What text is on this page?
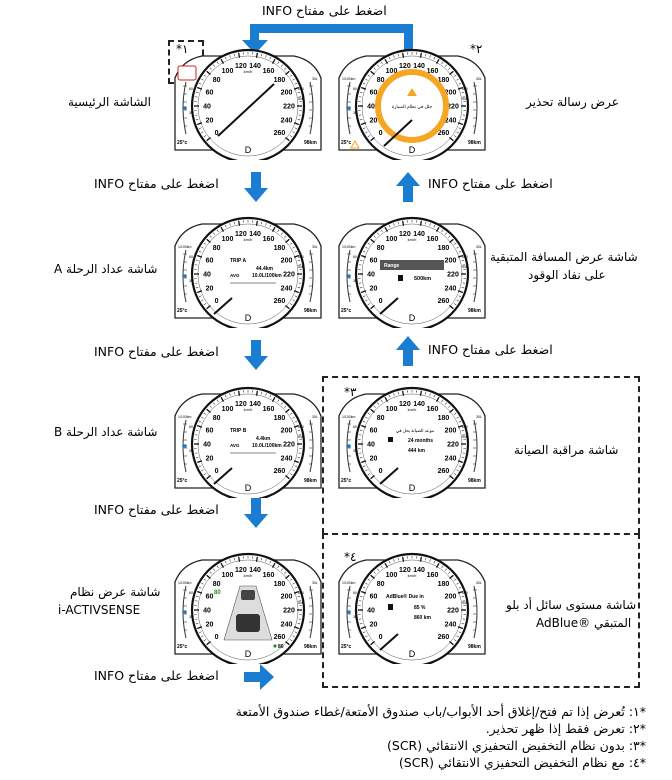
اضغط على مفتاح INFO
اضغط على مفتاح INFO
اضغط على مفتاح INFO
اضغط على مفتاح INFO
اضغط على مفتاح INFO
اضغط على مفتاح INFO
اضغط على مفتاح INFO
*١	*٢
*٣
*٤
الشاشة الرئيسية	عرض رسالة تحذير
شاشة عداد الرحلة A
شاشة عرض المسافة المتبقية
على نفاد الوقود
شاشة عداد الرحلة B
شاشة مراقبة الصيانة
شاشة عرض نظام
i-ACTIVSENSE	شاشة مستوى سائل أد بلو
AdBlue® المتبقي
0
20
40
60
80
100
120 140
160
180
200
220
240
260
km/h
D
60
30
30L
600
500
25°c	98km
0
20
40
60
80
100
120 140
160
180
200
220
240
260
km/h
D
1/100km
60
30
30L
600
500
25°c	98km
خلل في نظام السيارة
0
20
40
60
80
100
120 140
160
180
200
220
240
260
km/h
D
1/100km
60
30
30L
600
500
25°c	98km
TRIP A
44.4km
AVG	10.0L/100km
0
20
40
60
80
100
120 140
160
180
200
220
240
260
km/h
D
1/100km
60
30
30L
600
500
25°c	98km
Range
500km
0
20
40
60
80
100
120 140
160
180
200
220
240
260
km/h
D
1/100km
60
30
30L
600
500
25°c	98km
TRIP B
4.4km
AVG	10.0L/100km
0
20
40
60
80
100
120 140
160
180
200
220
240
260
km/h
D
1/100km
60
30
30L
600
500
25°c	98km
موعد الصيانة يحل في
24 months
444 km
0
20
40
60
80
100
120 140
160
180
200
220
240
260
km/h
D
1/100km
60
30
30L
600
500
25°c	98km
80
80
0
20
40
60
80
100
120 140
160
180
200
220
240
260
km/h
D
1/100km
60
30
30L
600
500
25°c	98km
AdBlue® Due in
85 %
860 km
*١: تُعرض إذا تم فتح/إغلاق أحد الأبواب/باب صندوق الأمتعة/غطاء صندوق الأمتعة
*٢: تعرض فقط إذا ظهر تحذير.
*٣: بدون نظام التخفيض التحفيزي الانتقائي (SCR)
*٤: مع نظام التخفيض التحفيزي الانتقائي (SCR)
